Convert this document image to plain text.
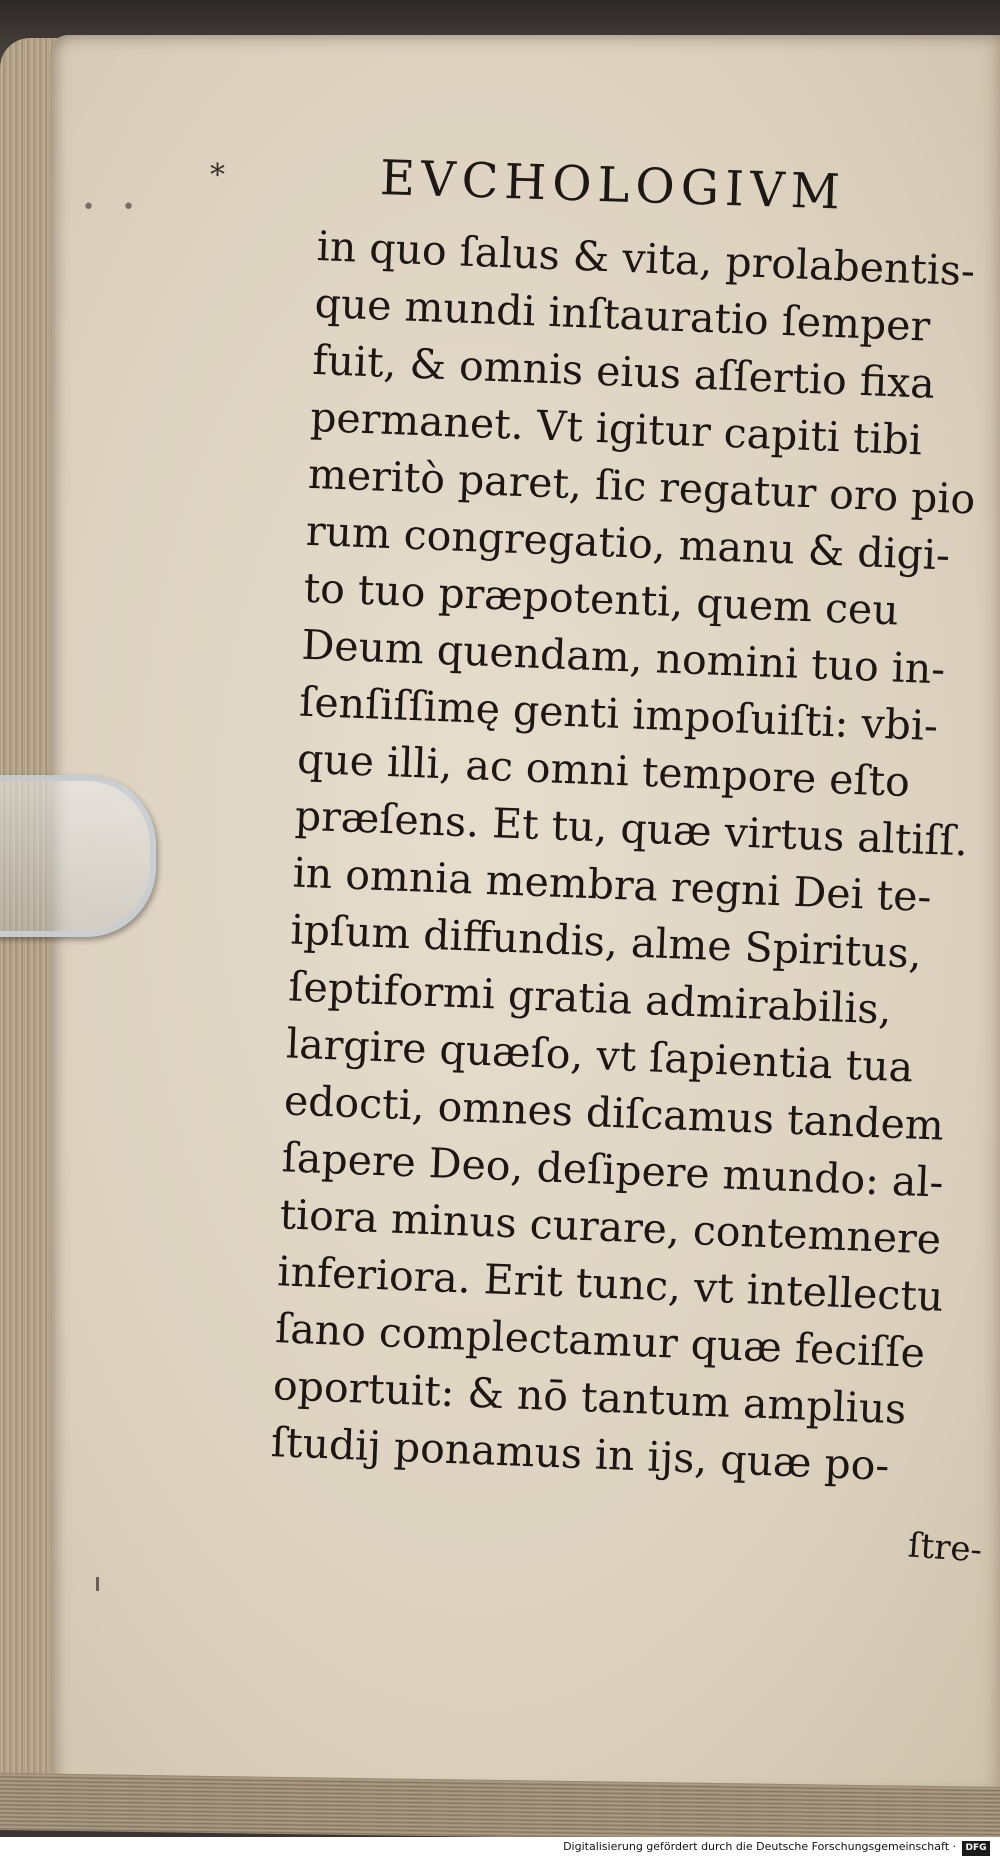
*
• •	EVCHOLOGIVM
in quo ſalus & vita, prolabentis-
que mundi inſtauratio ſemper
fuit, & omnis eius aſſertio fixa
permanet. Vt igitur capiti tibi
meritò paret, ſic regatur oro pio
rum congregatio, manu & digi-
to tuo præpotenti, quem ceu
Deum quendam, nomini tuo in-
ſenſiſſimę genti impoſuiſti: vbi-
que illi, ac omni tempore eſto
præſens. Et tu, quæ virtus altiſſ.
in omnia membra regni Dei te-
ipſum diffundis, alme Spiritus,
ſeptiformi gratia admirabilis,
largire quæſo, vt ſapientia tua
edocti, omnes diſcamus tandem
ſapere Deo, deſipere mundo: al-
tiora minus curare, contemnere
inferiora. Erit tunc, vt intellectu
ſano complectamur quæ feciſſe
oportuit: & nō tantum amplius
ſtudij ponamus in ijs, quæ po-
ſtre-
Digitalisierung gefördert durch die Deutsche Forschungsgemeinschaft ·	DFG
